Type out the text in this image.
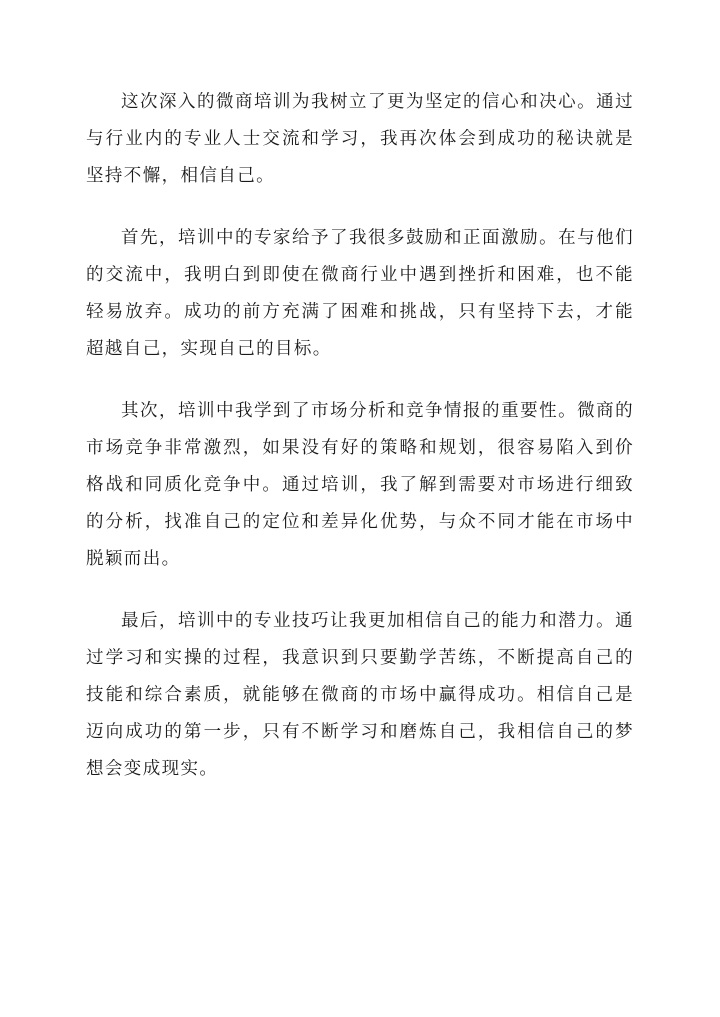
这次深入的微商培训为我树立了更为坚定的信心和决心。通过与行业内的专业人士交流和学习，我再次体会到成功的秘诀就是坚持不懈，相信自己。

首先，培训中的专家给予了我很多鼓励和正面激励。在与他们的交流中，我明白到即使在微商行业中遇到挫折和困难，也不能轻易放弃。成功的前方充满了困难和挑战，只有坚持下去，才能超越自己，实现自己的目标。

其次，培训中我学到了市场分析和竞争情报的重要性。微商的市场竞争非常激烈，如果没有好的策略和规划，很容易陷入到价格战和同质化竞争中。通过培训，我了解到需要对市场进行细致的分析，找准自己的定位和差异化优势，与众不同才能在市场中脱颖而出。

最后，培训中的专业技巧让我更加相信自己的能力和潜力。通过学习和实操的过程，我意识到只要勤学苦练，不断提高自己的技能和综合素质，就能够在微商的市场中赢得成功。相信自己是迈向成功的第一步，只有不断学习和磨炼自己，我相信自己的梦想会变成现实。
